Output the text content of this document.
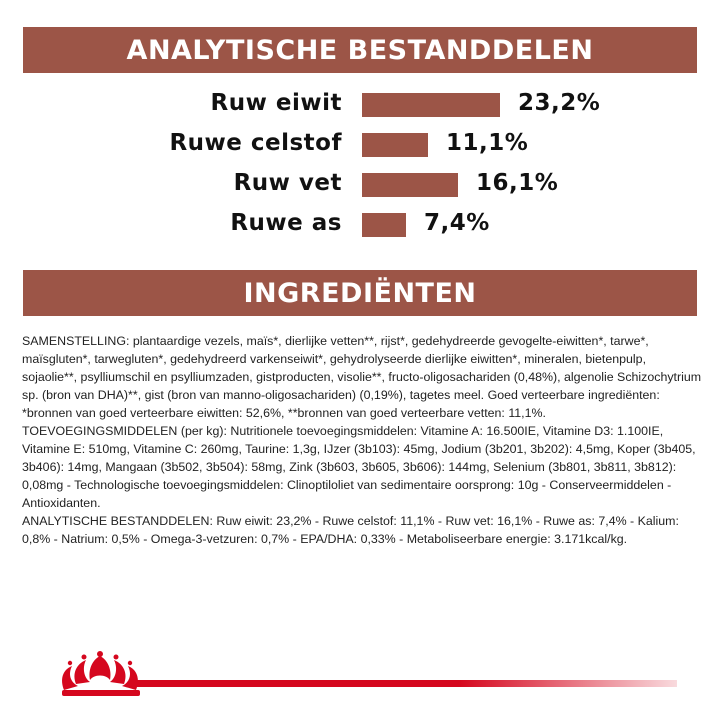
ANALYTISCHE BESTANDDELEN
Ruw eiwit	23,2%
Ruwe celstof	11,1%
Ruw vet	16,1%
Ruwe as	7,4%
INGREDIËNTEN

SAMENSTELLING: plantaardige vezels, maïs*, dierlijke vetten**, rijst*, gedehydreerde gevogelte-eiwitten*, tarwe*, maïsgluten*, tarwegluten*, gedehydreerd varkenseiwit*, gehydrolyseerde dierlijke eiwitten*, mineralen, bietenpulp, sojaolie**, psylliumschil en psylliumzaden, gistproducten, visolie**, fructo-oligosachariden (0,48%), algenolie Schizochytrium sp. (bron van DHA)**, gist (bron van manno-oligosachariden) (0,19%), tagetes meel. Goed verteerbare ingrediënten: *bronnen van goed verteerbare eiwitten: 52,6%, **bronnen van goed verteerbare vetten: 11,1%.

TOEVOEGINGSMIDDELEN (per kg): Nutritionele toevoegingsmiddelen: Vitamine A: 16.500IE, Vitamine D3: 1.100IE, Vitamine E: 510mg, Vitamine C: 260mg, Taurine: 1,3g, IJzer (3b103): 45mg, Jodium (3b201, 3b202): 4,5mg, Koper (3b405, 3b406): 14mg, Mangaan (3b502, 3b504): 58mg, Zink (3b603, 3b605, 3b606): 144mg, Selenium (3b801, 3b811, 3b812): 0,08mg - Technologische toevoegingsmiddelen: Clinoptiloliet van sedimentaire oorsprong: 10g - Conserveermiddelen - Antioxidanten.

ANALYTISCHE BESTANDDELEN: Ruw eiwit: 23,2% - Ruwe celstof: 11,1% - Ruw vet: 16,1% - Ruwe as: 7,4% - Kalium: 0,8% - Natrium: 0,5% - Omega-3-vetzuren: 0,7% - EPA/DHA: 0,33% - Metaboliseerbare energie: 3.171kcal/kg.
